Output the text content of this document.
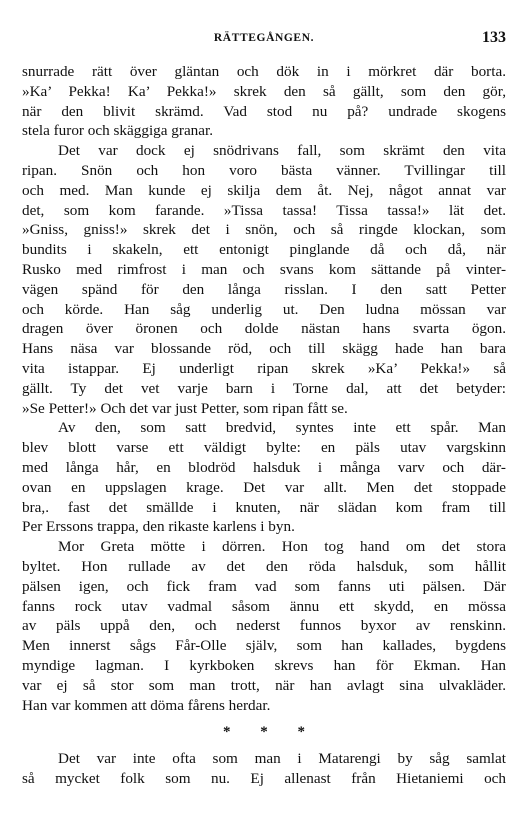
RÄTTEGÅNGEN.	133
snurrade rätt över gläntan och dök in i mörkret där borta.
»Ka’ Pekka! Ka’ Pekka!» skrek den så gällt, som den gör,
när den blivit skrämd. Vad stod nu på? undrade skogens
stela furor och skäggiga granar.
Det var dock ej snödrivans fall, som skrämt den vita
ripan. Snön och hon voro bästa vänner. Tvillingar till
och med. Man kunde ej skilja dem åt. Nej, något annat var
det, som kom farande. »Tissa tassa! Tissa tassa!» lät det.
»Gniss, gniss!» skrek det i snön, och så ringde klockan, som
bundits i skakeln, ett entonigt pinglande då och då, när
Rusko med rimfrost i man och svans kom sättande på vinter-
vägen spänd för den långa risslan. I den satt Petter
och körde. Han såg underlig ut. Den ludna mössan var
dragen över öronen och dolde nästan hans svarta ögon.
Hans näsa var blossande röd, och till skägg hade han bara
vita istappar. Ej underligt ripan skrek »Ka’ Pekka!» så
gällt. Ty det vet varje barn i Torne dal, att det betyder:
»Se Petter!» Och det var just Petter, som ripan fått se.
Av den, som satt bredvid, syntes inte ett spår. Man
blev blott varse ett väldigt bylte: en päls utav vargskinn
med långa hår, en blodröd halsduk i många varv och där-
ovan en uppslagen krage. Det var allt. Men det stoppade
bra,. fast det smällde i knuten, när slädan kom fram till
Per Erssons trappa, den rikaste karlens i byn.
Mor Greta mötte i dörren. Hon tog hand om det stora
byltet. Hon rullade av det den röda halsduk, som hållit
pälsen igen, och fick fram vad som fanns uti pälsen. Där
fanns rock utav vadmal såsom ännu ett skydd, en mössa
av päls uppå den, och nederst funnos byxor av renskinn.
Men innerst sågs Får-Olle själv, som han kallades, bygdens
myndige lagman. I kyrkboken skrevs han för Ekman. Han
var ej så stor som man trott, när han avlagt sina ulvakläder.
Han var kommen att döma fårens herdar.
* * *
Det var inte ofta som man i Matarengi by såg samlat
så mycket folk som nu. Ej allenast från Hietaniemi och
